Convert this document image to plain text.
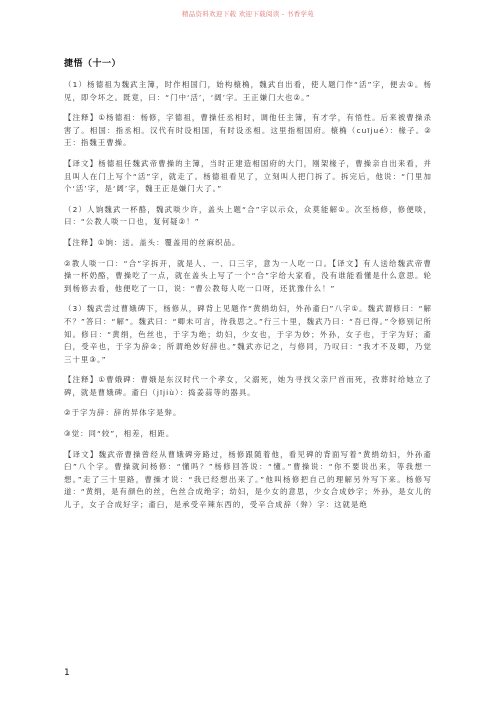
精品资料欢迎下载 欢迎下载阅读 - 书香学苑
捷悟（十一）

（1）杨德祖为魏武主簿，时作相国门，始构榱桷，魏武自出看，使人题门作“活”字，便去①。杨见，即令坏之。既竟，曰：“门中‘活’，‘阔’字。王正嫌门大也②。”

【注释】①杨德祖：杨修，字德祖，曹操任丞相时，调他任主簿，有才学，有悟性。后来被曹操杀害了。相国：指丞相。汉代有时设相国，有时设丞相。这里指相国府。榱桷（cuījué）：椽子。②王：指魏王曹操。

【译文】杨德祖任魏武帝曹操的主簿，当时正建造相国府的大门，刚架椽子，曹操亲自出来看，并且叫人在门上写个“活”字，就走了。杨德祖看见了，立刻叫人把门拆了。拆完后，他说：“门里加个‘活’字，是‘阔’字，魏王正是嫌门大了。”

（2）人饷魏武一杯酪，魏武啖少许，盖头上题“合”字以示众，众莫能解①。次至杨修，修便啖，曰：“公教人啖一口也，复何疑②！”

【注释】①饷：送。盖头：覆盖用的丝麻织品。

②教人啖一口：“合”字拆开，就是人、一、口三字，意为一人吃一口。【译文】有人送给魏武帝曹操一杯奶酪，曹操吃了一点，就在盖头上写了一个“合”字给大家看，没有谁能看懂是什么意思。轮到杨修去看，他便吃了一口，说：“曹公教每人吃一口呀，还犹豫什么！”

（3）魏武尝过曹娥碑下，杨修从，碑背上见题作“黄绢幼妇，外孙齑臼”八字①。魏武谓修曰：“解不？”答曰：“解”。魏武曰：“卿未可言，待我思之。”行三十里，魏武乃曰：“吾已得。”令修别记所知。修曰：“黄绢，色丝也，于字为绝；幼妇，少女也，于字为妙；外孙，女子也，于字为好；齑臼，受辛也，于字为辞②；所谓绝妙好辞也。”魏武亦记之，与修同，乃叹曰：“我才不及卿，乃觉三十里③。”

【注释】①曹娥碑：曹娥是东汉时代一个孝女，父溺死，她为寻找父亲尸首而死，孜葬时给她立了碑，就是曹娥碑。齑臼（jījiù）：捣姜蒜等的器具。

②于字为辞：辞的异体字是辤。

③觉：同“较”，相差，相距。

【译文】魏武帝曹操曾经从曹娥碑旁路过，杨修跟随着他，看见碑的背面写着“黄绢幼妇，外孙齑臼”八个字。曹操就问杨修：“懂吗？”杨修回答说：“懂。”曹操说：“你不要说出来，等我想一想。”走了三十里路，曹操才说：“我已经想出来了。”他叫杨修把自己的理解另外写下来。杨修写道：“黄绢，是有颜色的丝，色丝合成绝字；幼妇，是少女的意思，少女合成妙字；外孙，是女儿的儿子，女子合成好字；齑臼，是承受辛辣东西的，受辛合成辞（辤）字：这就是绝

1
